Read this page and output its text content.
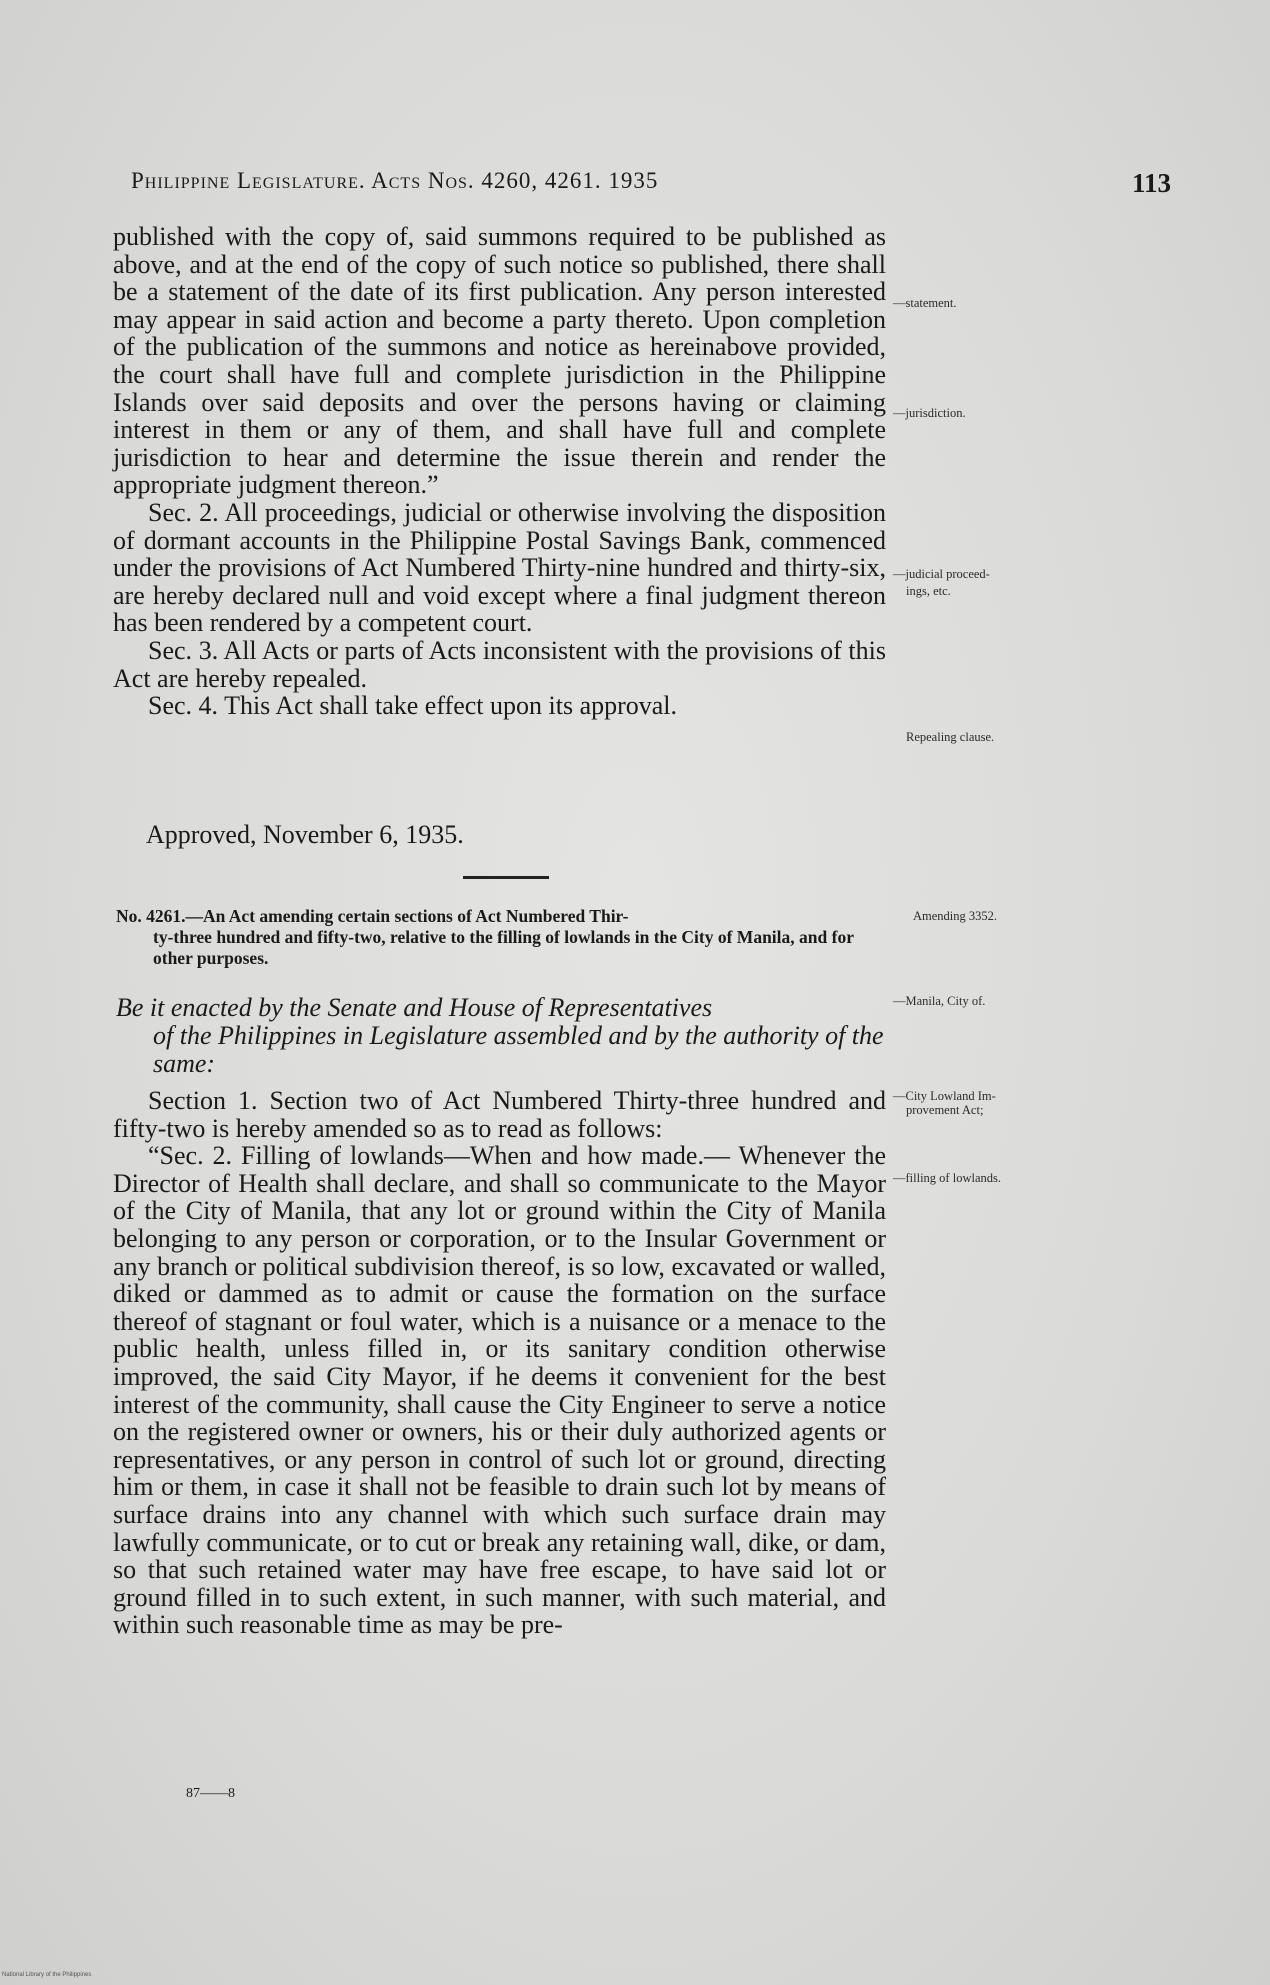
Philippine Legislature. Acts Nos. 4260, 4261. 1935	113

published with the copy of, said summons required to be published as above, and at the end of the copy of such notice so published, there shall be a statement of the date of its first publication. Any person interested may appear in said action and become a party thereto. Upon completion of the publication of the summons and notice as hereinabove provided, the court shall have full and complete jurisdiction in the Philippine Islands over said deposits and over the persons having or claiming interest in them or any of them, and shall have full and complete jurisdiction to hear and determine the issue therein and render the appropriate judgment thereon.”

Sec. 2. All proceedings, judicial or otherwise involving the disposition of dormant accounts in the Philippine Postal Savings Bank, commenced under the provisions of Act Numbered Thirty-nine hundred and thirty-six, are hereby declared null and void except where a final judgment thereon has been rendered by a competent court.

Sec. 3. All Acts or parts of Acts inconsistent with the provisions of this Act are hereby repealed.

Sec. 4. This Act shall take effect upon its approval.

Approved, November 6, 1935.
No. 4261.—An Act amending certain sections of Act Numbered Thir-
ty-three hundred and fifty-two, relative to the filling of lowlands in the City of Manila, and for other purposes.
Be it enacted by the Senate and House of Representatives
of the Philippines in Legislature assembled and by the authority of the same:

Section 1. Section two of Act Numbered Thirty-three hundred and fifty-two is hereby amended so as to read as follows:

“Sec. 2. Filling of lowlands—When and how made.— Whenever the Director of Health shall declare, and shall so communicate to the Mayor of the City of Manila, that any lot or ground within the City of Manila belonging to any person or corporation, or to the Insular Government or any branch or political subdivision thereof, is so low, excavated or walled, diked or dammed as to admit or cause the formation on the surface thereof of stagnant or foul water, which is a nuisance or a menace to the public health, unless filled in, or its sanitary condition otherwise improved, the said City Mayor, if he deems it convenient for the best interest of the community, shall cause the City Engineer to serve a notice on the registered owner or owners, his or their duly authorized agents or representatives, or any person in control of such lot or ground, directing him or them, in case it shall not be feasible to drain such lot by means of surface drains into any channel with which such surface drain may lawfully communicate, or to cut or break any retaining wall, dike, or dam, so that such retained water may have free escape, to have said lot or ground filled in to such extent, in such manner, with such material, and within such reasonable time as may be pre-

—statement.
—jurisdiction.
—judicial proceed-
ings, etc.
Repealing clause.
Amending 3352.
—Manila, City of.
—City Lowland Im-
provement Act;
—filling of lowlands.
87——8
National Library of the Philippines
